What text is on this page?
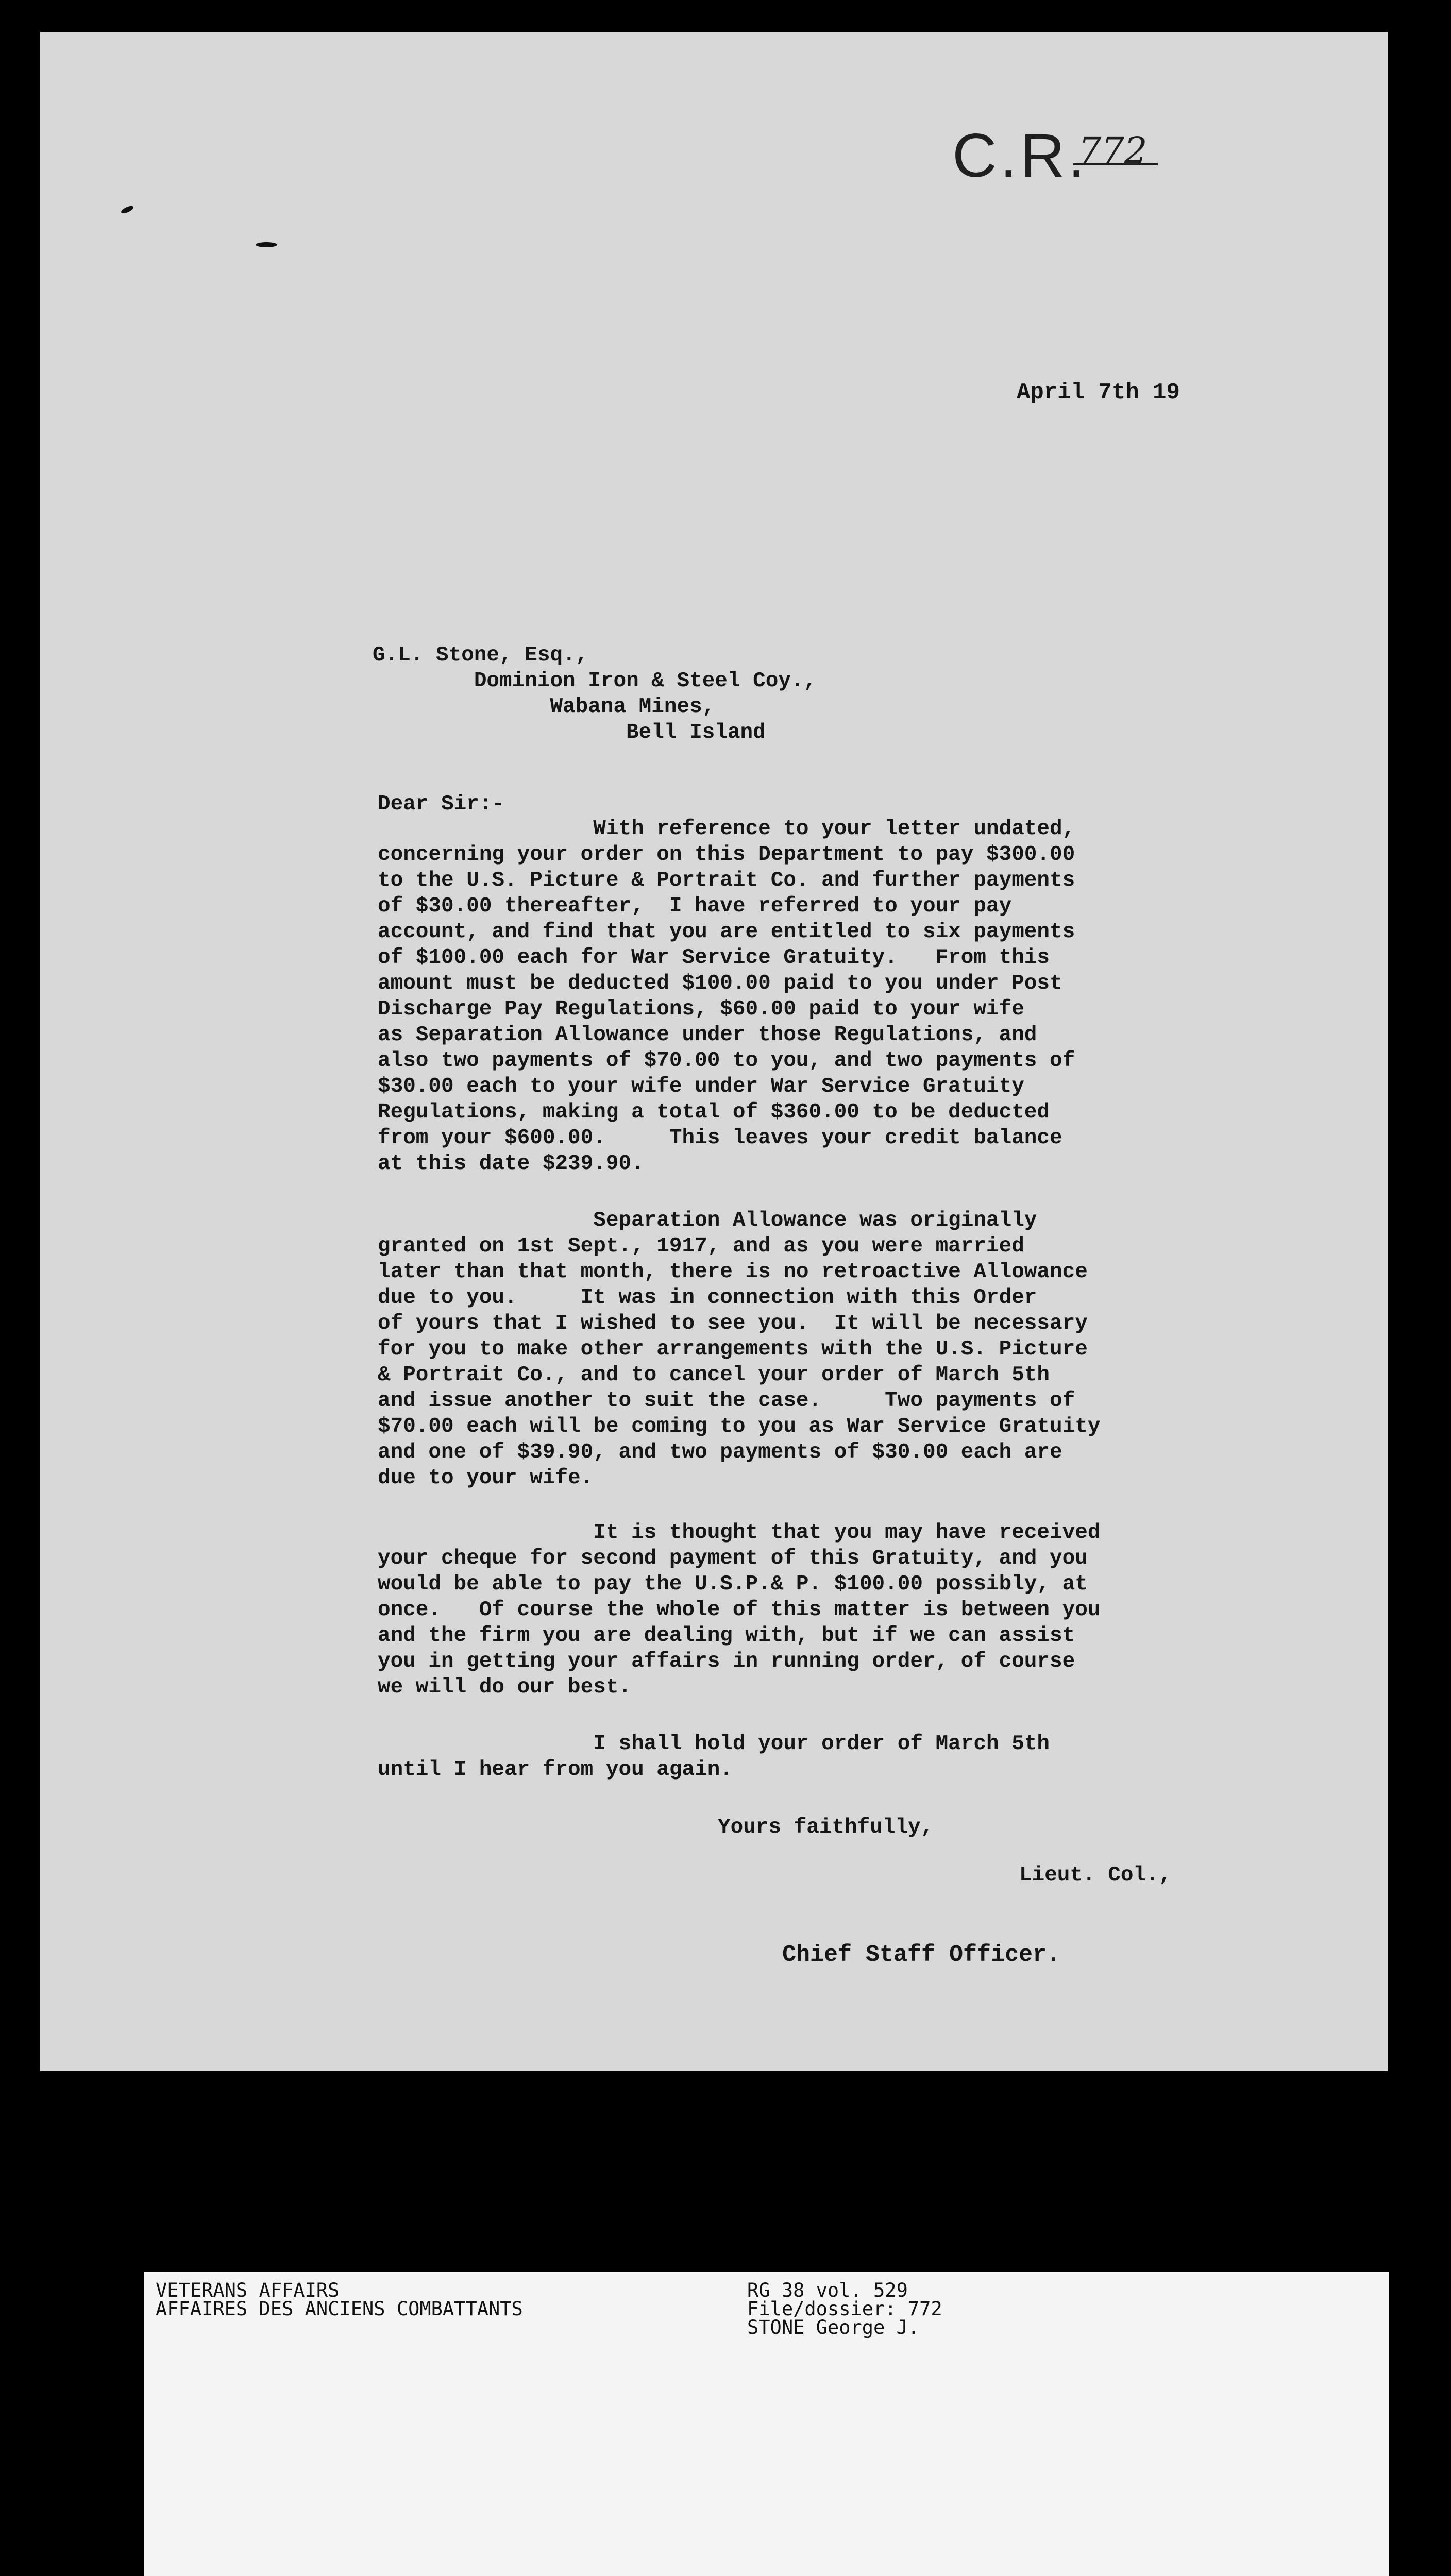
C.R.
772
April 7th 19
G.L. Stone, Esq.,
Dominion Iron & Steel Coy.,
Wabana Mines,
Bell Island
Dear Sir:-
With reference to your letter undated,
concerning your order on this Department to pay $300.00
to the U.S. Picture & Portrait Co. and further payments
of $30.00 thereafter,  I have referred to your pay
account, and find that you are entitled to six payments
of $100.00 each for War Service Gratuity.   From this
amount must be deducted $100.00 paid to you under Post
Discharge Pay Regulations, $60.00 paid to your wife
as Separation Allowance under those Regulations, and
also two payments of $70.00 to you, and two payments of
$30.00 each to your wife under War Service Gratuity
Regulations, making a total of $360.00 to be deducted
from your $600.00.     This leaves your credit balance
at this date $239.90.
Separation Allowance was originally
granted on 1st Sept., 1917, and as you were married
later than that month, there is no retroactive Allowance
due to you.     It was in connection with this Order
of yours that I wished to see you.  It will be necessary
for you to make other arrangements with the U.S. Picture
& Portrait Co., and to cancel your order of March 5th
and issue another to suit the case.     Two payments of
$70.00 each will be coming to you as War Service Gratuity
and one of $39.90, and two payments of $30.00 each are
due to your wife.
It is thought that you may have received
your cheque for second payment of this Gratuity, and you
would be able to pay the U.S.P.& P. $100.00 possibly, at
once.   Of course the whole of this matter is between you
and the firm you are dealing with, but if we can assist
you in getting your affairs in running order, of course
we will do our best.
I shall hold your order of March 5th
until I hear from you again.
Yours faithfully,
Lieut. Col.,
Chief Staff Officer.
VETERANS AFFAIRS
AFFAIRES DES ANCIENS COMBATTANTS
RG 38 vol. 529
File/dossier: 772
STONE George J.
